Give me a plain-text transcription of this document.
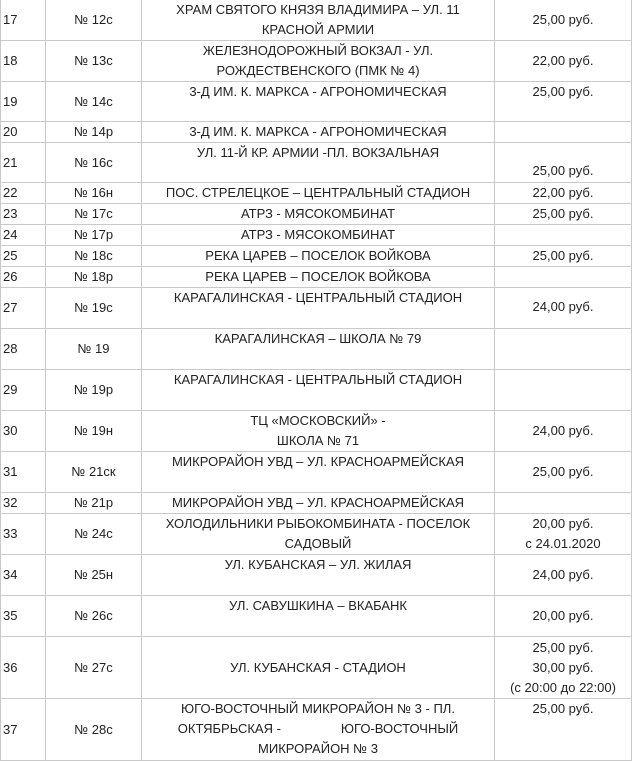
17	№ 12с	ХРАМ СВЯТОГО КНЯЗЯ ВЛАДИМИРА – УЛ. 11
КРАСНОЙ АРМИИ	25,00 руб.

18	№ 13с	ЖЕЛЕЗНОДОРОЖНЫЙ ВОКЗАЛ - УЛ.
РОЖДЕСТВЕНСКОГО (ПМК № 4)	22,00 руб.

19	№ 14с	3-Д ИМ. К. МАРКСА - АГРОНОМИЧЕСКАЯ	25,00 руб.

20	№ 14р	3-Д ИМ. К. МАРКСА - АГРОНОМИЧЕСКАЯ	

21	№ 16с	УЛ. 11-Й КР. АРМИИ -ПЛ. ВОКЗАЛЬНАЯ	25,00 руб.

22	№ 16н	ПОС. СТРЕЛЕЦКОЕ – ЦЕНТРАЛЬНЫЙ СТАДИОН	22,00 руб.

23	№ 17с	АТРЗ - МЯСОКОМБИНАТ	25,00 руб.

24	№ 17р	АТРЗ - МЯСОКОМБИНАТ	

25	№ 18с	РЕКА ЦАРЕВ – ПОСЕЛОК ВОЙКОВА	25,00 руб.

26	№ 18р	РЕКА ЦАРЕВ – ПОСЕЛОК ВОЙКОВА	

27	№ 19с	КАРАГАЛИНСКАЯ - ЦЕНТРАЛЬНЫЙ СТАДИОН	24,00 руб.

28	№ 19	КАРАГАЛИНСКАЯ – ШКОЛА № 79	

29	№ 19р	КАРАГАЛИНСКАЯ - ЦЕНТРАЛЬНЫЙ СТАДИОН	

30	№ 19н	ТЦ «МОСКОВСКИЙ» -
ШКОЛА № 71	24,00 руб.

31	№ 21ск	МИКРОРАЙОН УВД – УЛ. КРАСНОАРМЕЙСКАЯ	25,00 руб.

32	№ 21р	МИКРОРАЙОН УВД – УЛ. КРАСНОАРМЕЙСКАЯ	

33	№ 24с	ХОЛОДИЛЬНИКИ РЫБОКОМБИНАТА - ПОСЕЛОК
САДОВЫЙ	20,00 руб.
с 24.01.2020

34	№ 25н	УЛ. КУБАНСКАЯ – УЛ. ЖИЛАЯ	24,00 руб.

35	№ 26с	УЛ. САВУШКИНА – ВКАБАНК	20,00 руб.

36	№ 27с	УЛ. КУБАНСКАЯ - СТАДИОН	25,00 руб.
30,00 руб.
(с 20:00 до 22:00)

37	№ 28с	ЮГО-ВОСТОЧНЫЙ МИКРОРАЙОН № 3 - ПЛ.
ОКТЯБРЬСКАЯ - ЮГО-ВОСТОЧНЫЙ
МИКРОРАЙОН № 3	25,00 руб.
